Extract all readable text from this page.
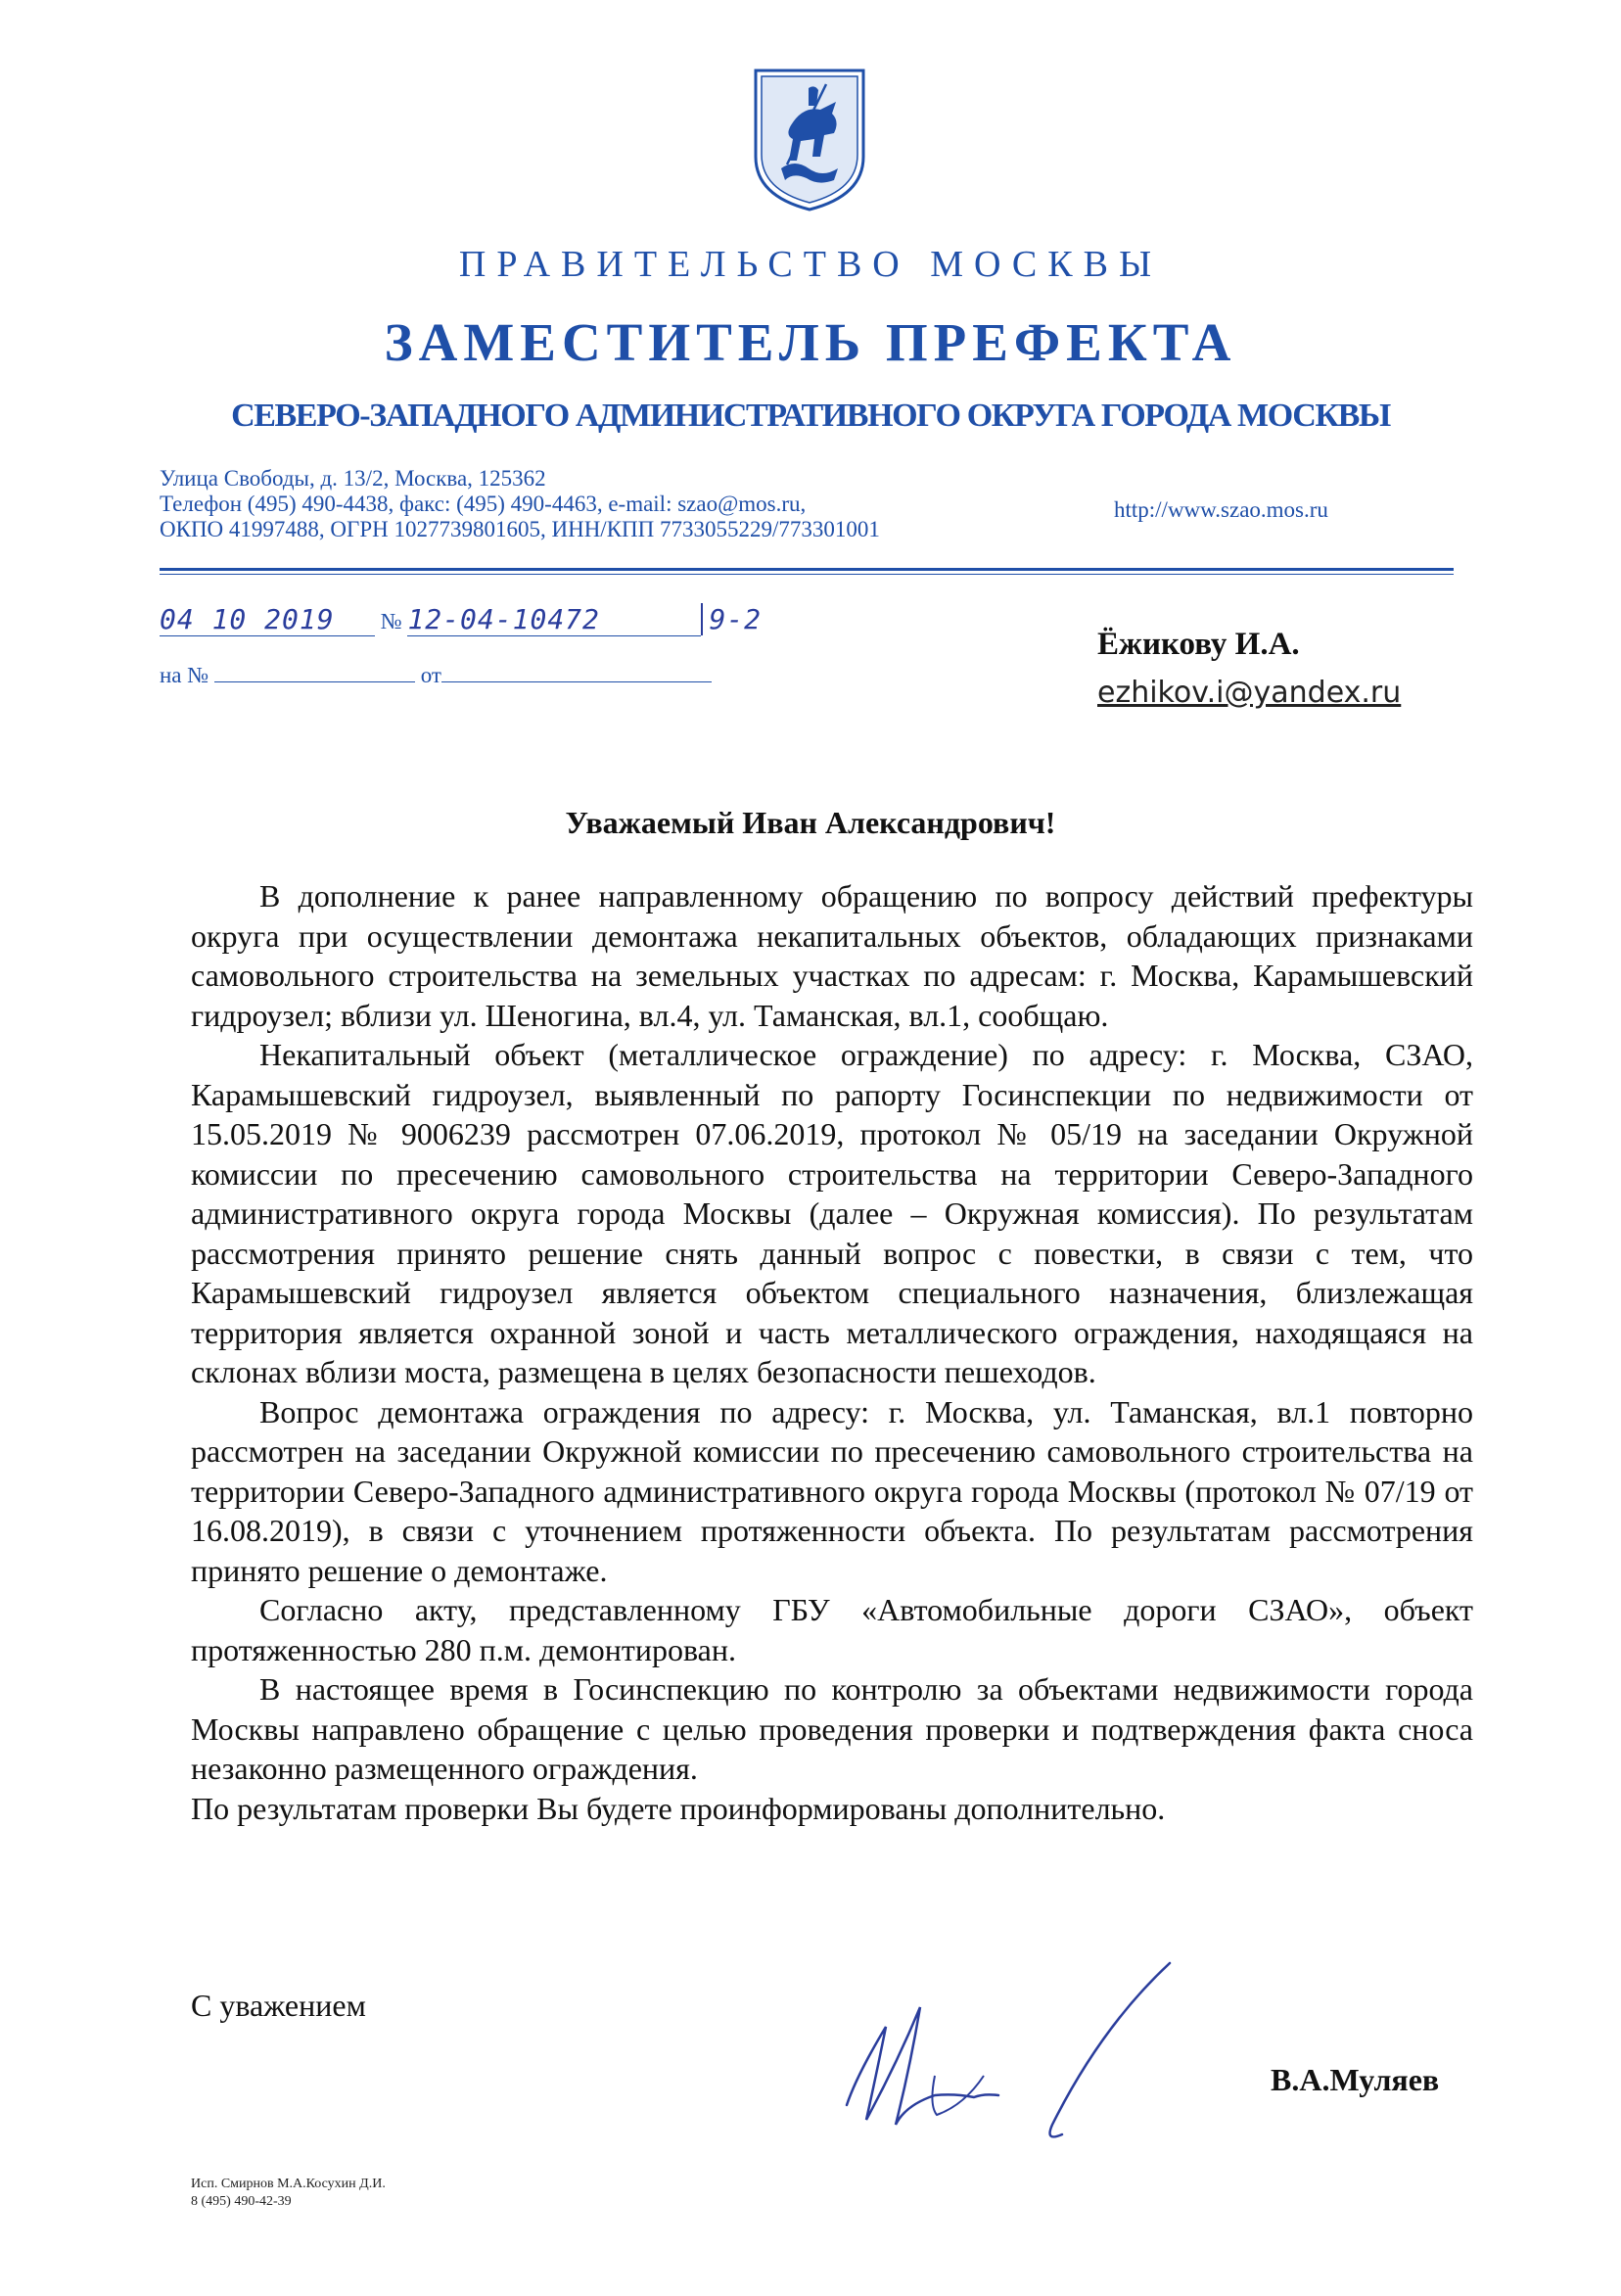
ПРАВИТЕЛЬСТВО МОСКВЫ
ЗАМЕСТИТЕЛЬ ПРЕФЕКТА
СЕВЕРО-ЗАПАДНОГО АДМИНИСТРАТИВНОГО ОКРУГА ГОРОДА МОСКВЫ
Улица Свободы, д. 13/2, Москва, 125362
Телефон (495) 490-4438, факс: (495) 490-4463, e-mail: szao@mos.ru,
ОКПО 41997488, ОГРН 1027739801605, ИНН/КПП 7733055229/773301001
http://www.szao.mos.ru
04 10 2019 № 12-04-10472	9-2
на №	от
Ёжикову И.А.
ezhikov.i@yandex.ru
Уважаемый Иван Александрович!

В дополнение к ранее направленному обращению по вопросу действий префектуры округа при осуществлении демонтажа некапитальных объектов, обладающих признаками самовольного строительства на земельных участках по адресам: г. Москва, Карамышевский гидроузел; вблизи ул. Шеногина, вл.4, ул. Таманская, вл.1, сообщаю.

Некапитальный объект (металлическое ограждение) по адресу: г. Москва, СЗАО, Карамышевский гидроузел, выявленный по рапорту Госинспекции по недвижимости от 15.05.2019 № 9006239 рассмотрен 07.06.2019, протокол № 05/19 на заседании Окружной комиссии по пресечению самовольного строительства на территории Северо-Западного административного округа города Москвы (далее – Окружная комиссия). По результатам рассмотрения принято решение снять данный вопрос с повестки, в связи с тем, что Карамышевский гидроузел является объектом специального назначения, близлежащая территория является охранной зоной и часть металлического ограждения, находящаяся на склонах вблизи моста, размещена в целях безопасности пешеходов.

Вопрос демонтажа ограждения по адресу: г. Москва, ул. Таманская, вл.1 повторно рассмотрен на заседании Окружной комиссии по пресечению самовольного строительства на территории Северо-Западного административного округа города Москвы (протокол № 07/19 от 16.08.2019), в связи с уточнением протяженности объекта. По результатам рассмотрения принято решение о демонтаже.

Согласно акту, представленному ГБУ «Автомобильные дороги СЗАО», объект протяженностью 280 п.м. демонтирован.

В настоящее время в Госинспекцию по контролю за объектами недвижимости города Москвы направлено обращение с целью проведения проверки и подтверждения факта сноса незаконно размещенного ограждения.

По результатам проверки Вы будете проинформированы дополнительно.

С уважением
В.А.Муляев
Исп. Смирнов М.А.Косухин Д.И.
8 (495) 490-42-39
